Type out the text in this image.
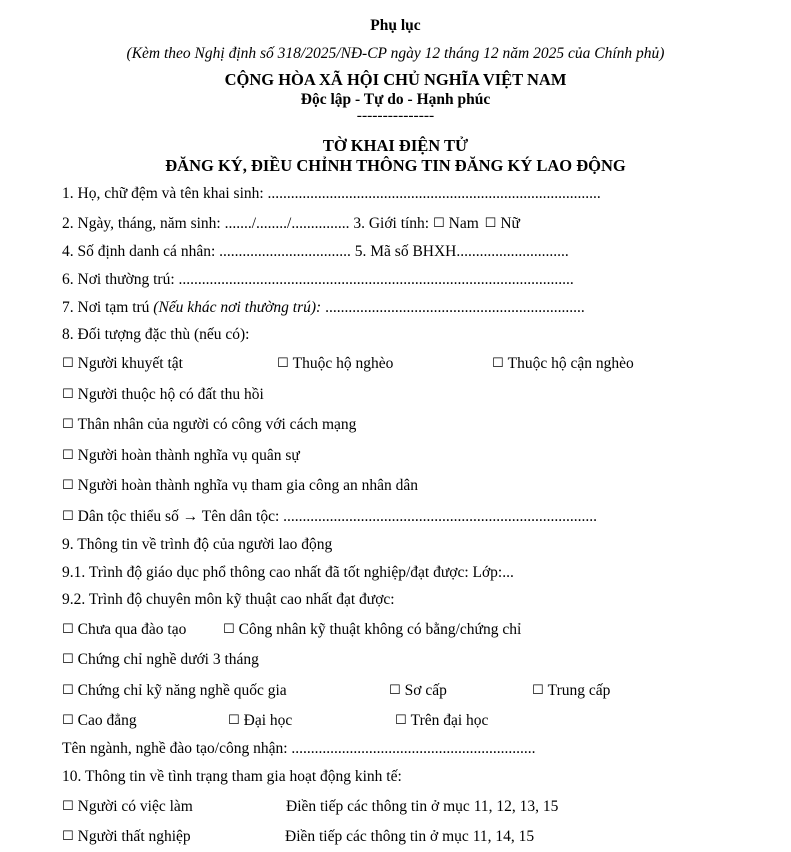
Phụ lục
(Kèm theo Nghị định số 318/2025/NĐ-CP ngày 12 tháng 12 năm 2025 của Chính phủ)
CỘNG HÒA XÃ HỘI CHỦ NGHĨA VIỆT NAM
Độc lập - Tự do - Hạnh phúc
---------------
TỜ KHAI ĐIỆN TỬ
ĐĂNG KÝ, ĐIỀU CHỈNH THÔNG TIN ĐĂNG KÝ LAO ĐỘNG
1. Họ, chữ đệm và tên khai sinh: ......................................................................................
2. Ngày, tháng, năm sinh: ......./......../............... 3. Giới tính: ☐ Nam ☐ Nữ
4. Số định danh cá nhân: .................................. 5. Mã số BHXH.............................
6. Nơi thường trú: ......................................................................................................
7. Nơi tạm trú (Nếu khác nơi thường trú): ...................................................................
8. Đối tượng đặc thù (nếu có):
☐ Người khuyết tật	☐ Thuộc hộ nghèo	☐ Thuộc hộ cận nghèo
☐ Người thuộc hộ có đất thu hồi
☐ Thân nhân của người có công với cách mạng
☐ Người hoàn thành nghĩa vụ quân sự
☐ Người hoàn thành nghĩa vụ tham gia công an nhân dân
☐ Dân tộc thiểu số → Tên dân tộc: .................................................................................
9. Thông tin về trình độ của người lao động
9.1. Trình độ giáo dục phổ thông cao nhất đã tốt nghiệp/đạt được: Lớp:...
9.2. Trình độ chuyên môn kỹ thuật cao nhất đạt được:
☐ Chưa qua đào tạo	☐ Công nhân kỹ thuật không có bằng/chứng chỉ
☐ Chứng chỉ nghề dưới 3 tháng
☐ Chứng chỉ kỹ năng nghề quốc gia	☐ Sơ cấp	☐ Trung cấp
☐ Cao đẳng	☐ Đại học	☐ Trên đại học
Tên ngành, nghề đào tạo/công nhận: ...............................................................
10. Thông tin về tình trạng tham gia hoạt động kinh tế:
☐ Người có việc làm	Điền tiếp các thông tin ở mục 11, 12, 13, 15
☐ Người thất nghiệp	Điền tiếp các thông tin ở mục 11, 14, 15
